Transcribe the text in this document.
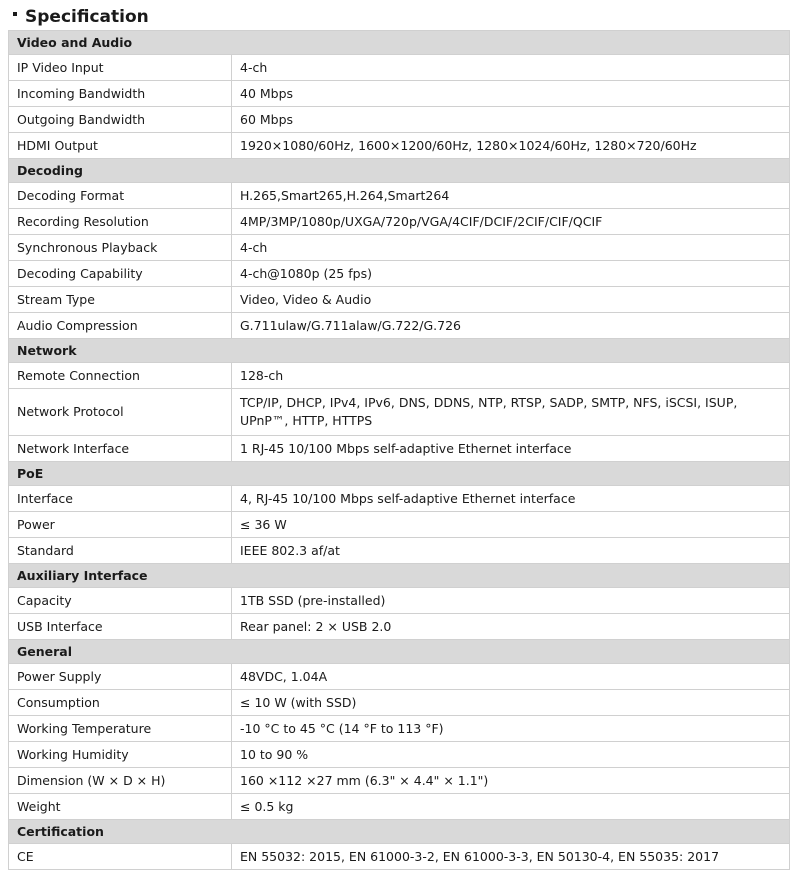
Specification
Video and Audio	
IP Video Input	4-ch
Incoming Bandwidth	40 Mbps
Outgoing Bandwidth	60 Mbps
HDMI Output	1920×1080/60Hz, 1600×1200/60Hz, 1280×1024/60Hz, 1280×720/60Hz
Decoding	
Decoding Format	H.265,Smart265,H.264,Smart264
Recording Resolution	4MP/3MP/1080p/UXGA/720p/VGA/4CIF/DCIF/2CIF/CIF/QCIF
Synchronous Playback	4-ch
Decoding Capability	4-ch@1080p (25 fps)
Stream Type	Video, Video & Audio
Audio Compression	G.711ulaw/G.711alaw/G.722/G.726
Network	
Remote Connection	128-ch
Network Protocol	TCP/IP, DHCP, IPv4, IPv6, DNS, DDNS, NTP, RTSP, SADP, SMTP, NFS, iSCSI, ISUP, UPnP™, HTTP, HTTPS
Network Interface	1 RJ-45 10/100 Mbps self-adaptive Ethernet interface
PoE	
Interface	4, RJ-45 10/100 Mbps self-adaptive Ethernet interface
Power	≤ 36 W
Standard	IEEE 802.3 af/at
Auxiliary Interface	
Capacity	1TB SSD (pre-installed)
USB Interface	Rear panel: 2 × USB 2.0
General	
Power Supply	48VDC, 1.04A
Consumption	≤ 10 W (with SSD)
Working Temperature	-10 °C to 45 °C (14 °F to 113 °F)
Working Humidity	10 to 90 %
Dimension (W × D × H)	160 ×112 ×27 mm (6.3" × 4.4" × 1.1")
Weight	≤ 0.5 kg
Certification	
CE	EN 55032: 2015, EN 61000-3-2, EN 61000-3-3, EN 50130-4, EN 55035: 2017
